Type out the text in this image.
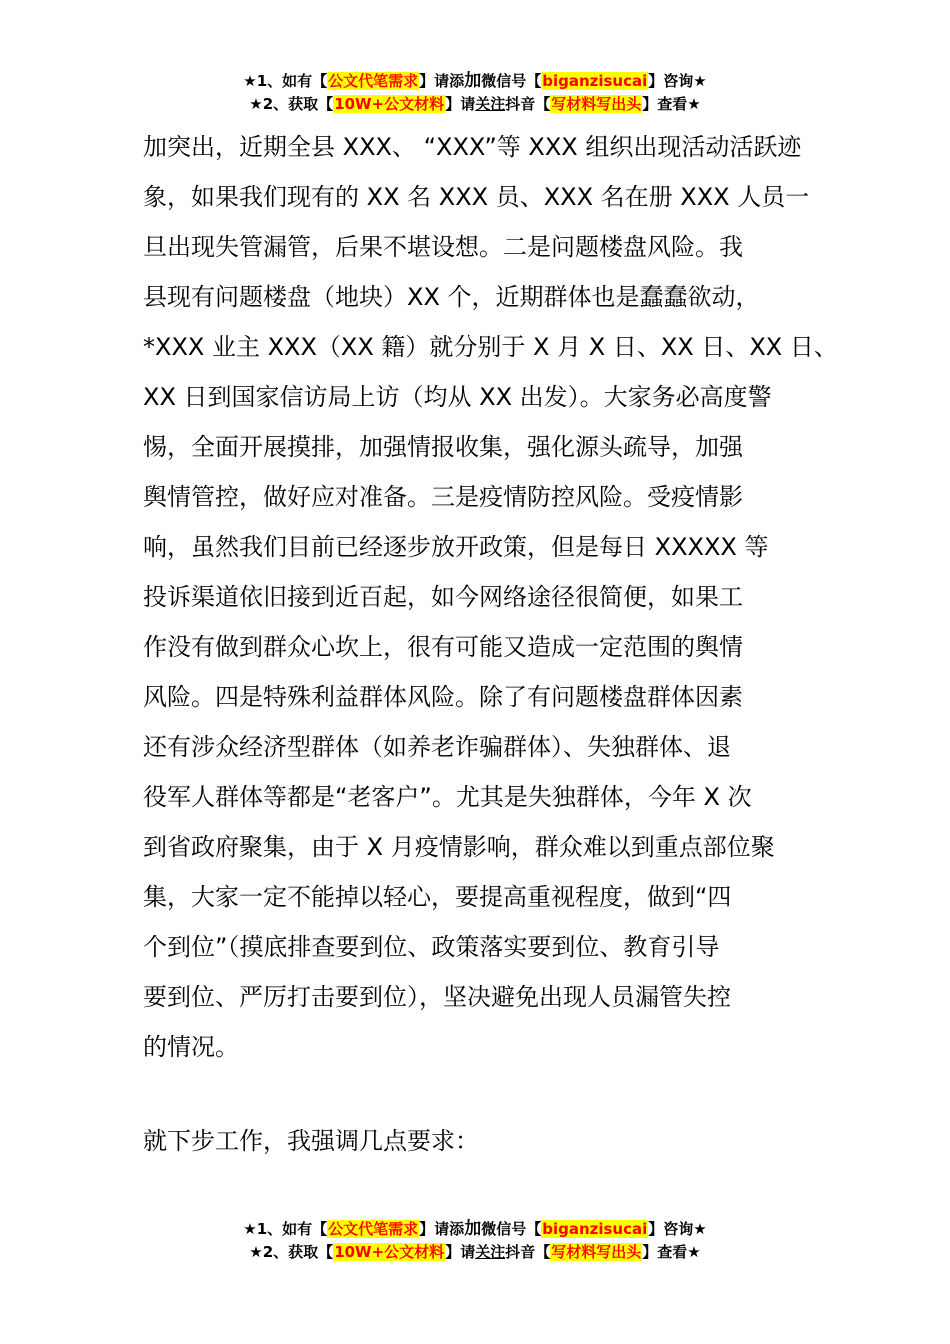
★1、如有【公文代笔需求】请添加微信号【biganzisucai】咨询★
★2、获取【10W+公文材料】请关注抖音【写材料写出头】查看★

加突出，近期全县 XXX、 “XXX”等 XXX 组织出现活动活跃迹

象，如果我们现有的 XX 名 XXX 员、XXX 名在册 XXX 人员一

旦出现失管漏管，后果不堪设想。二是问题楼盘风险。我

县现有问题楼盘（地块）XX 个，近期群体也是蠢蠢欲动，

*XXX 业主 XXX（XX 籍）就分别于 X 月 X 日、XX 日、XX 日、

XX 日到国家信访局上访（均从 XX 出发）。大家务必高度警

惕，全面开展摸排，加强情报收集，强化源头疏导，加强

舆情管控，做好应对准备。三是疫情防控风险。受疫情影

响，虽然我们目前已经逐步放开政策，但是每日 XXXXX 等

投诉渠道依旧接到近百起，如今网络途径很简便，如果工

作没有做到群众心坎上，很有可能又造成一定范围的舆情

风险。四是特殊利益群体风险。除了有问题楼盘群体因素

还有涉众经济型群体（如养老诈骗群体）、失独群体、退

役军人群体等都是“老客户”。尤其是失独群体，今年 X 次

到省政府聚集，由于 X 月疫情影响，群众难以到重点部位聚

集，大家一定不能掉以轻心，要提高重视程度，做到“四

个到位”（摸底排查要到位、政策落实要到位、教育引导

要到位、严厉打击要到位），坚决避免出现人员漏管失控

的情况。

就下步工作，我强调几点要求：

★1、如有【公文代笔需求】请添加微信号【biganzisucai】咨询★
★2、获取【10W+公文材料】请关注抖音【写材料写出头】查看★
